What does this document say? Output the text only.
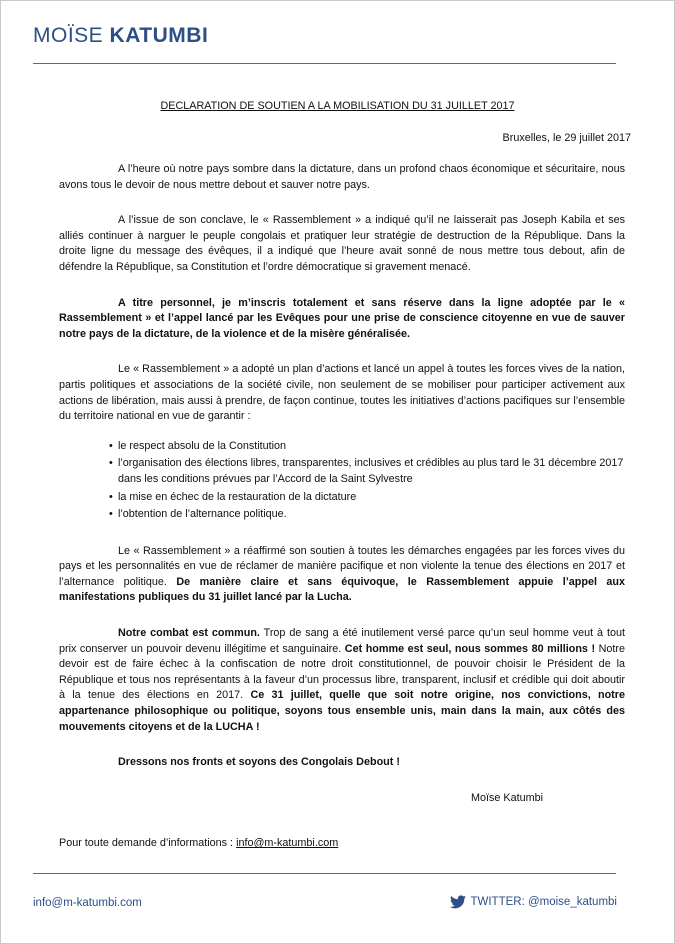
MOÏSE KATUMBI
DECLARATION DE SOUTIEN A LA MOBILISATION DU 31 JUILLET 2017
Bruxelles, le 29 juillet 2017

A l’heure où notre pays sombre dans la dictature, dans un profond chaos économique et sécuritaire, nous avons tous le devoir de nous mettre debout et sauver notre pays.

A l’issue de son conclave, le « Rassemblement » a indiqué qu’il ne laisserait pas Joseph Kabila et ses alliés continuer à narguer le peuple congolais et pratiquer leur stratégie de destruction de la République. Dans la droite ligne du message des évêques, il a indiqué que l’heure avait sonné de nous mettre tous debout, afin de défendre la République, sa Constitution et l’ordre démocratique si gravement menacé.

A titre personnel, je m’inscris totalement et sans réserve dans la ligne adoptée par le « Rassemblement » et l’appel lancé par les Evêques pour une prise de conscience citoyenne en vue de sauver notre pays de la dictature, de la violence et de la misère généralisée.

Le « Rassemblement » a adopté un plan d’actions et lancé un appel à toutes les forces vives de la nation, partis politiques et associations de la société civile, non seulement de se mobiliser pour participer activement aux actions de libération, mais aussi à prendre, de façon continue, toutes les initiatives d’actions pacifiques sur l’ensemble du territoire national en vue de garantir :

• le respect absolu de la Constitution
• l’organisation des élections libres, transparentes, inclusives et crédibles au plus tard le 31 décembre 2017 dans les conditions prévues par l’Accord de la Saint Sylvestre
• la mise en échec de la restauration de la dictature
• l’obtention de l’alternance politique.

Le « Rassemblement » a réaffirmé son soutien à toutes les démarches engagées par les forces vives du pays et les personnalités en vue de réclamer de manière pacifique et non violente la tenue des élections en 2017 et l’alternance politique. De manière claire et sans équivoque, le Rassemblement appuie l’appel aux manifestations publiques du 31 juillet lancé par la Lucha.

Notre combat est commun. Trop de sang a été inutilement versé parce qu’un seul homme veut à tout prix conserver un pouvoir devenu illégitime et sanguinaire. Cet homme est seul, nous sommes 80 millions ! Notre devoir est de faire échec à la confiscation de notre droit constitutionnel, de pouvoir choisir le Président de la République et tous nos représentants à la faveur d’un processus libre, transparent, inclusif et crédible qui doit aboutir à la tenue des élections en 2017. Ce 31 juillet, quelle que soit notre origine, nos convictions, notre appartenance philosophique ou politique, soyons tous ensemble unis, main dans la main, aux côtés des mouvements citoyens et de la LUCHA !

Dressons nos fronts et soyons des Congolais Debout !

Moïse Katumbi

Pour toute demande d’informations : info@m-katumbi.com
info@m-katumbi.com	TWITTER: @moise_katumbi
